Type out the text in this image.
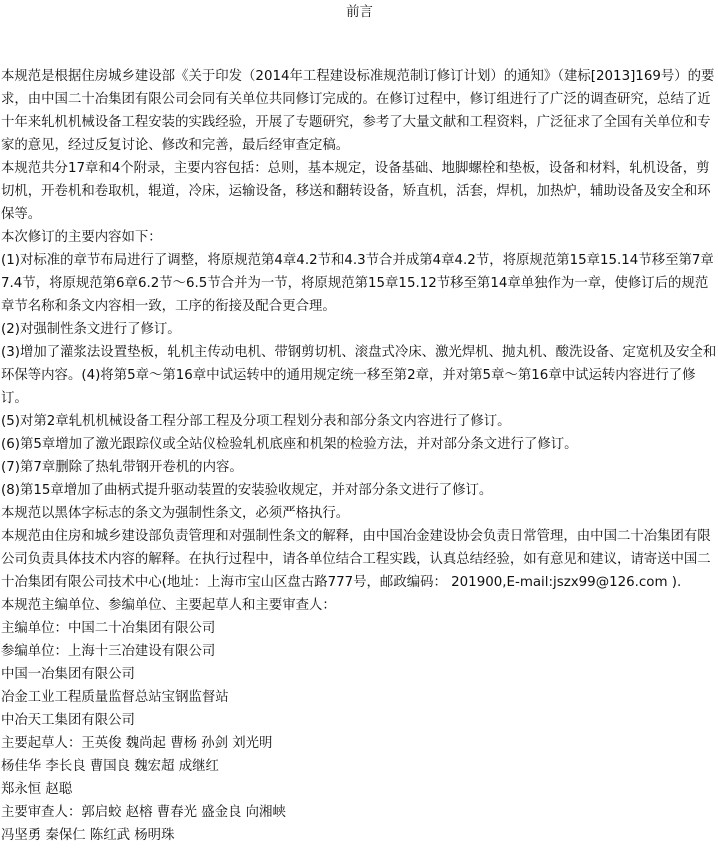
前言

本规范是根据住房城乡建设部《关于印发（2014年工程建设标准规范制订修订计划）的通知》（建标[2013]169号）的要求，由中国二十冶集团有限公司会同有关单位共同修订完成的。在修订过程中，修订组进行了广泛的调查研究，总结了近十年来轧机机械设备工程安装的实践经验，开展了专题研究，参考了大量文献和工程资料，广泛征求了全国有关单位和专家的意见，经过反复讨论、修改和完善，最后经审查定稿。

本规范共分17章和4个附录，主要内容包括：总则，基本规定，设备基础、地脚螺栓和垫板，设备和材料，轧机设备，剪切机，开卷机和卷取机，辊道，冷床，运输设备，移送和翻转设备，矫直机，活套，焊机，加热炉，辅助设备及安全和环保等。

本次修订的主要内容如下：

(1)对标准的章节布局进行了调整，将原规范第4章4.2节和4.3节合并成第4章4.2节，将原规范第15章15.14节移至第7章7.4节，将原规范第6章6.2节～6.5节合并为一节，将原规范第15章15.12节移至第14章单独作为一章，使修订后的规范章节名称和条文内容相一致，工序的衔接及配合更合理。

(2)对强制性条文进行了修订。

(3)增加了灌浆法设置垫板，轧机主传动电机、带钢剪切机、滚盘式冷床、激光焊机、抛丸机、酸洗设备、定宽机及安全和环保等内容。(4)将第5章～第16章中试运转中的通用规定统一移至第2章，并对第5章～第16章中试运转内容进行了修订。

(5)对第2章轧机机械设备工程分部工程及分项工程划分表和部分条文内容进行了修订。

(6)第5章增加了激光跟踪仪或全站仪检验轧机底座和机架的检验方法，并对部分条文进行了修订。

(7)第7章删除了热轧带钢开卷机的内容。

(8)第15章增加了曲柄式提升驱动装置的安装验收规定，并对部分条文进行了修订。

本规范以黑体字标志的条文为强制性条文，必须严格执行。

本规范由住房和城乡建设部负责管理和对强制性条文的解释，由中国冶金建设协会负责日常管理，由中国二十冶集团有限公司负责具体技术内容的解释。在执行过程中，请各单位结合工程实践，认真总结经验，如有意见和建议，请寄送中国二十冶集团有限公司技术中心(地址：上海市宝山区盘古路777号，邮政编码： 201900,E-mail:jszx99@126.com ).

本规范主编单位、参编单位、主要起草人和主要审查人：

主编单位：中国二十冶集团有限公司

参编单位：上海十三冶建设有限公司

中国一冶集团有限公司

冶金工业工程质量监督总站宝钢监督站

中冶天工集团有限公司

主要起草人：王英俊 魏尚起 曹杨 孙剑 刘光明

杨佳华 李长良 曹国良 魏宏超 成继红

郑永恒 赵聪

主要审查人：郭启蛟 赵榕 曹春光 盛金良 向湘峡

冯坚勇 秦保仁 陈红武 杨明珠
